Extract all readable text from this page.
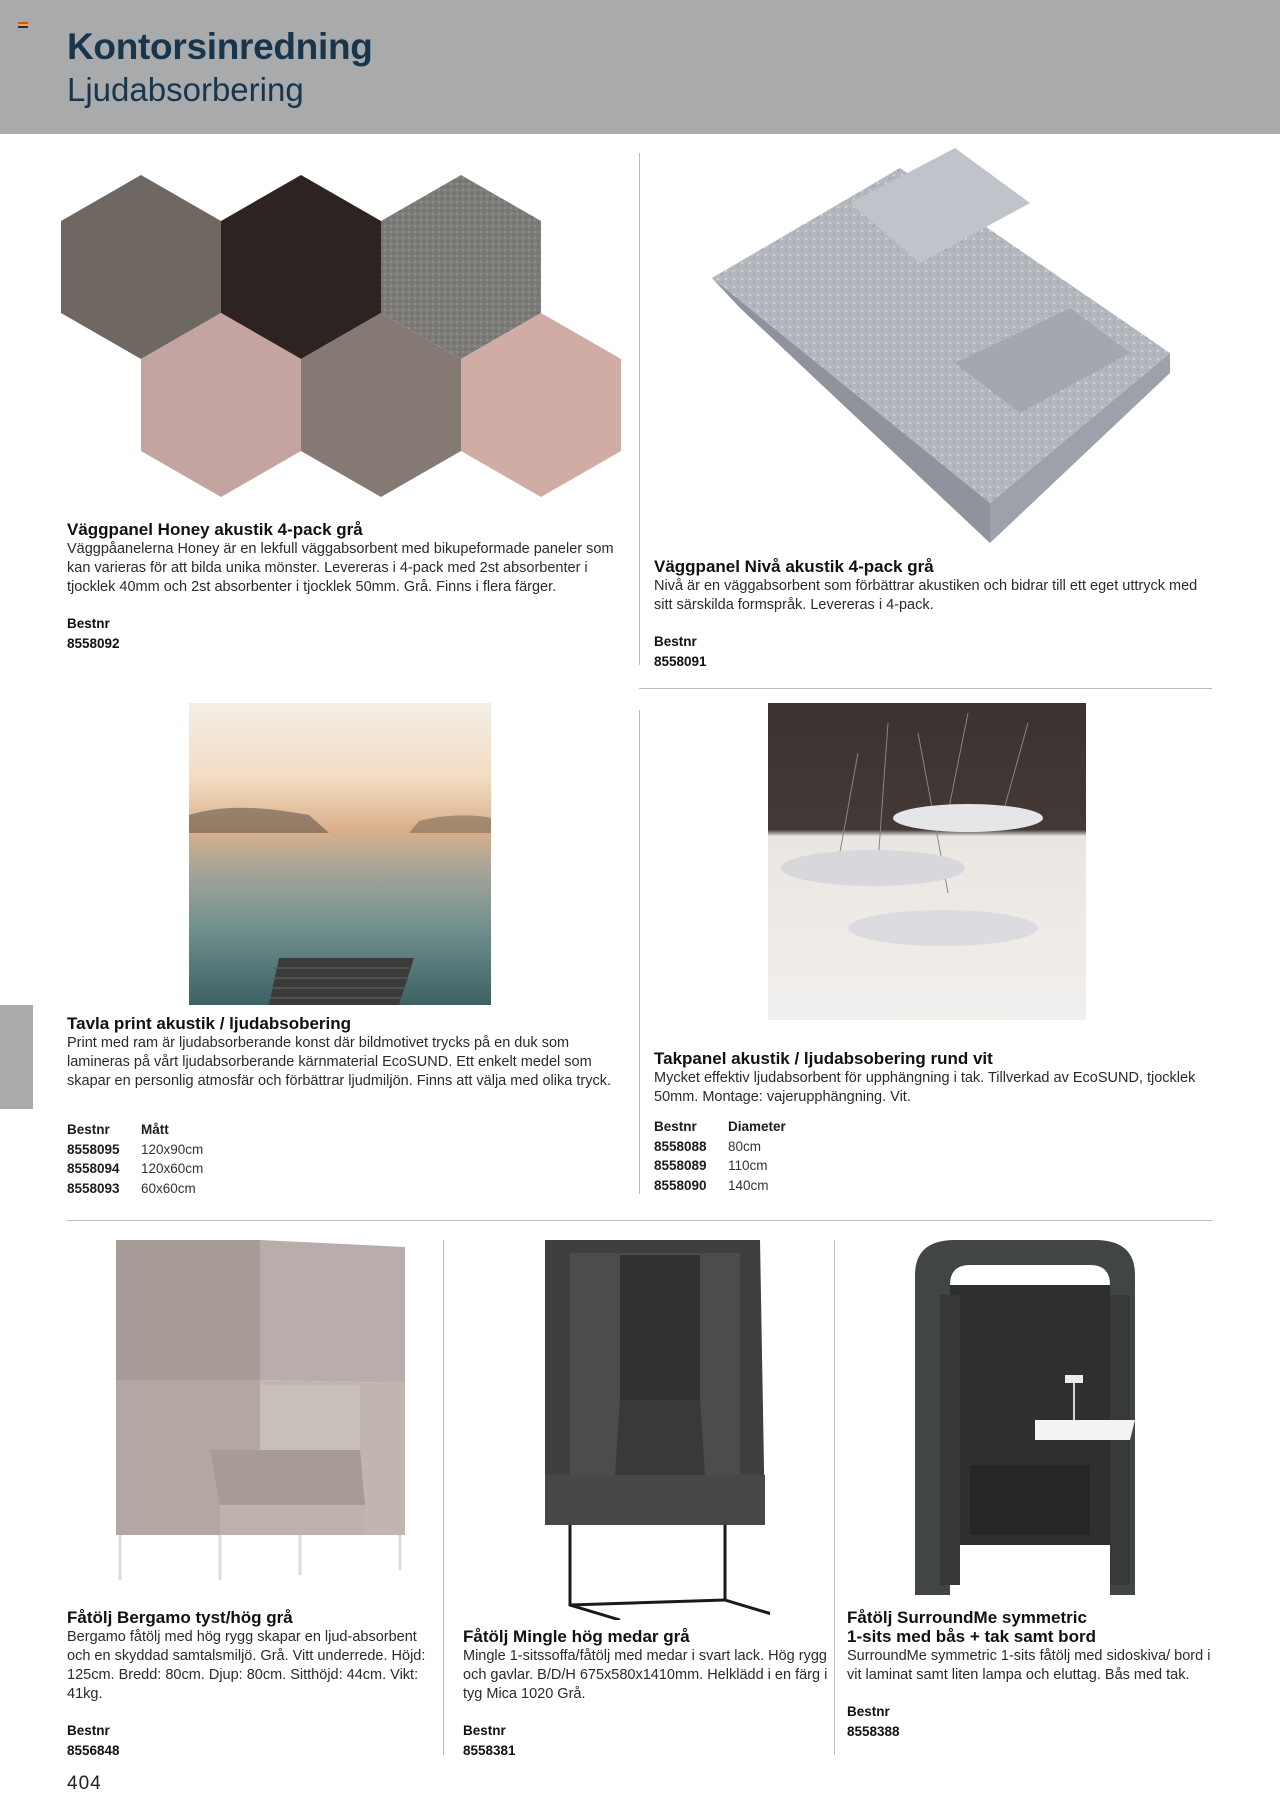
Kontorsinredning
Ljudabsorbering
Väggpanel Honey akustik 4-pack grå
Väggpåanelerna Honey är en lekfull väggabsorbent med bikupeformade paneler som kan varieras för att bilda unika mönster. Levereras i 4-pack med 2st absorbenter i tjocklek 40mm och 2st absorbenter i tjocklek 50mm. Grå. Finns i flera färger.
Bestnr
8558092
Väggpanel Nivå akustik 4-pack grå
Nivå är en väggabsorbent som förbättrar akustiken och bidrar till ett eget uttryck med sitt särskilda formspråk. Levereras i 4-pack.
Bestnr
8558091
Tavla print akustik / ljudabsobering
Print med ram är ljudabsorberande konst där bildmotivet trycks på en duk som lamineras på vårt ljudabsorberande kärnmaterial EcoSUND. Ett enkelt medel som skapar en personlig atmosfär och förbättrar ljudmiljön. Finns att välja med olika tryck.
Bestnr Mått
8558095 120x90cm
8558094 120x60cm
8558093 60x60cm
Takpanel akustik / ljudabsobering rund vit
Mycket effektiv ljudabsorbent för upphängning i tak. Tillverkad av EcoSUND, tjocklek 50mm. Montage: vajerupphängning. Vit.
Bestnr Diameter
8558088 80cm
8558089 110cm
8558090 140cm
Fåtölj Bergamo tyst/hög grå
Bergamo fåtölj med hög rygg skapar en ljud-absorbent och en skyddad samtalsmiljö. Grå. Vitt underrede. Höjd: 125cm. Bredd: 80cm. Djup: 80cm. Sitthöjd: 44cm. Vikt: 41kg.
Bestnr
8556848
Fåtölj Mingle hög medar grå
Mingle 1-sitssoffa/fåtölj med medar i svart lack. Hög rygg och gavlar. B/D/H 675x580x1410mm. Helklädd i en färg i tyg Mica 1020 Grå.
Bestnr
8558381
Fåtölj SurroundMe symmetric
1-sits med bås + tak samt bord
SurroundMe symmetric 1-sits fåtölj med sidoskiva/ bord i vit laminat samt liten lampa och eluttag. Bås med tak.
Bestnr
8558388
404
